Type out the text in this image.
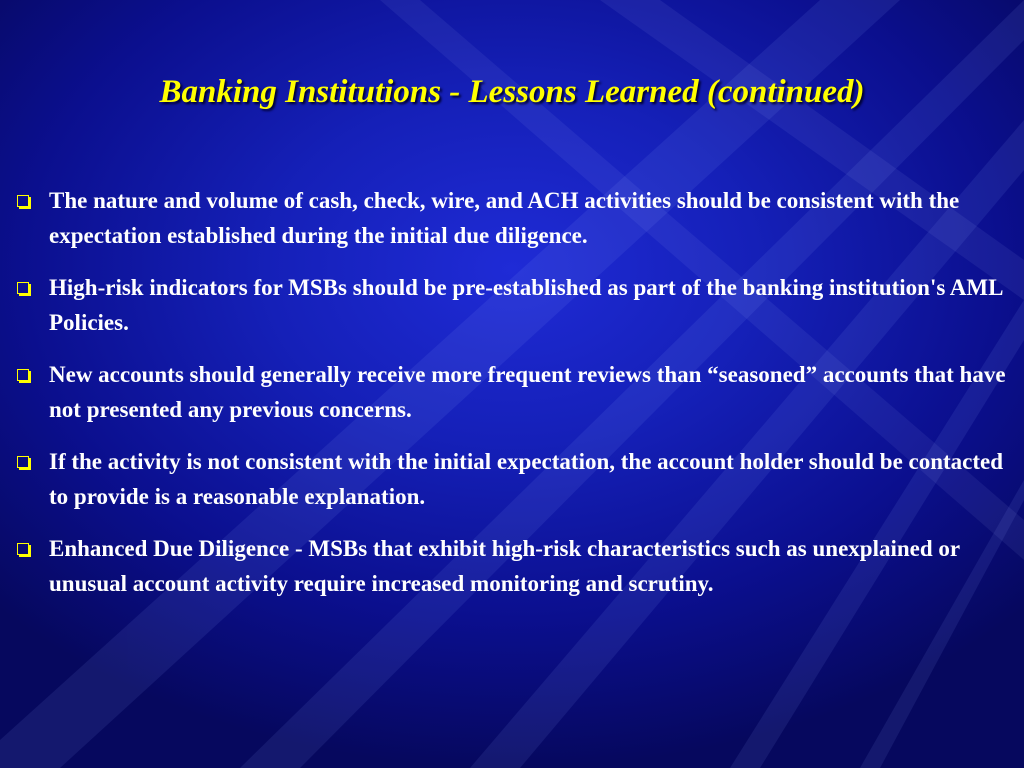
Banking Institutions - Lessons Learned (continued)
The nature and volume of cash, check, wire, and ACH activities should be consistent with the expectation established during the initial due diligence.
High-risk indicators for MSBs should be pre-established as part of the banking institution's AML Policies.
New accounts should generally receive more frequent reviews than “seasoned” accounts that have not presented any previous concerns.
If the activity is not consistent with the initial expectation, the account holder should be contacted to provide is a reasonable explanation.
Enhanced Due Diligence - MSBs that exhibit high-risk characteristics such as unexplained or unusual account activity require increased monitoring and scrutiny.
